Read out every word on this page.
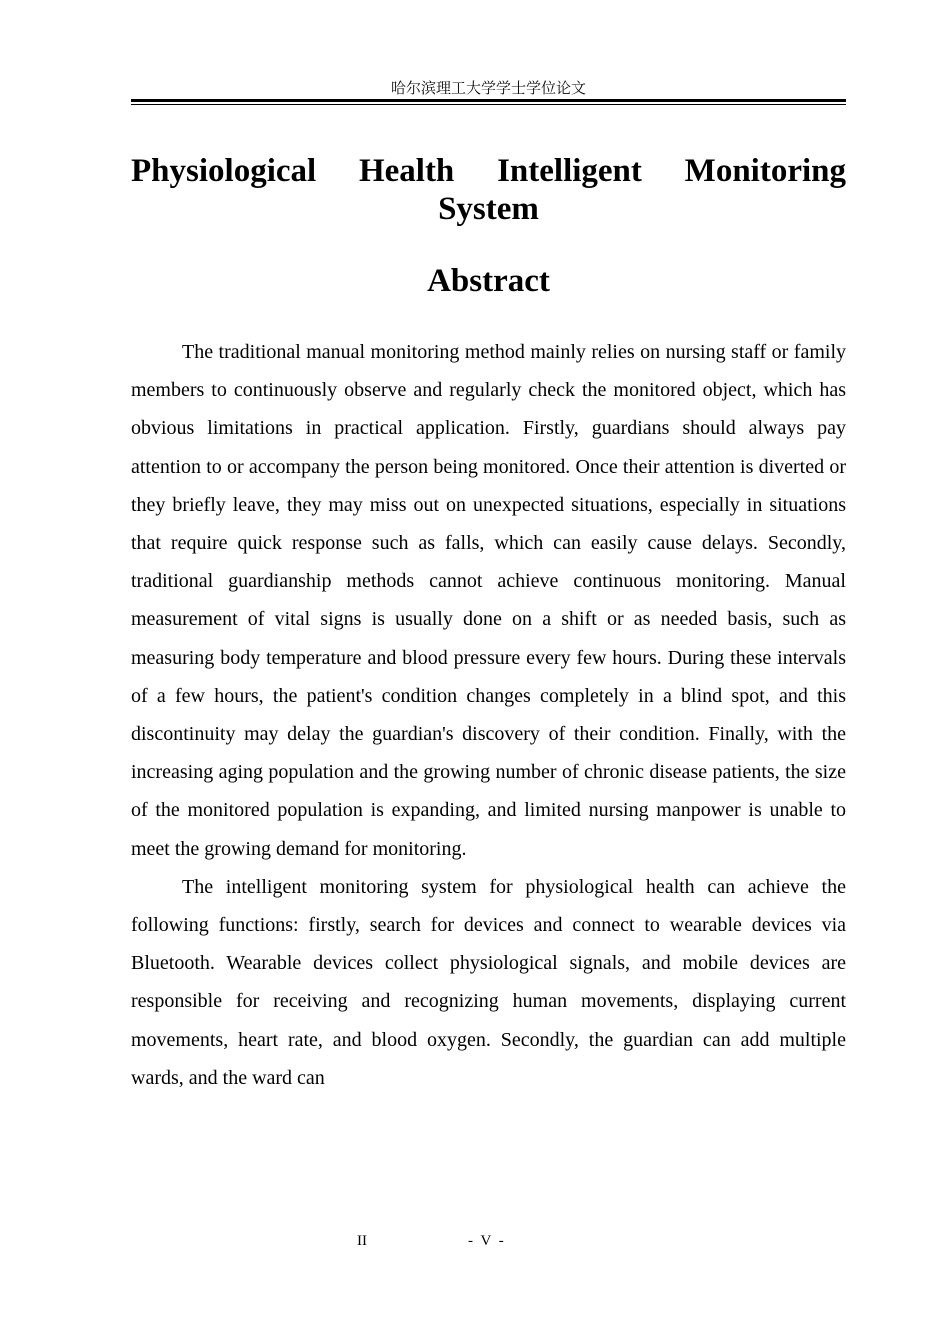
哈尔滨理工大学学士学位论文
Physiological Health Intelligent Monitoring System
Abstract

The traditional manual monitoring method mainly relies on nursing staff or family members to continuously observe and regularly check the monitored object, which has obvious limitations in practical application. Firstly, guardians should always pay attention to or accompany the person being monitored. Once their attention is diverted or they briefly leave, they may miss out on unexpected situations, especially in situations that require quick response such as falls, which can easily cause delays. Secondly, traditional guardianship methods cannot achieve continuous monitoring. Manual measurement of vital signs is usually done on a shift or as needed basis, such as measuring body temperature and blood pressure every few hours. During these intervals of a few hours, the patient's condition changes completely in a blind spot, and this discontinuity may delay the guardian's discovery of their condition. Finally, with the increasing aging population and the growing number of chronic disease patients, the size of the monitored population is expanding, and limited nursing manpower is unable to meet the growing demand for monitoring.

The intelligent monitoring system for physiological health can achieve the following functions: firstly, search for devices and connect to wearable devices via Bluetooth. Wearable devices collect physiological signals, and mobile devices are responsible for receiving and recognizing human movements, displaying current movements, heart rate, and blood oxygen. Secondly, the guardian can add multiple wards, and the ward can

II	- V -
